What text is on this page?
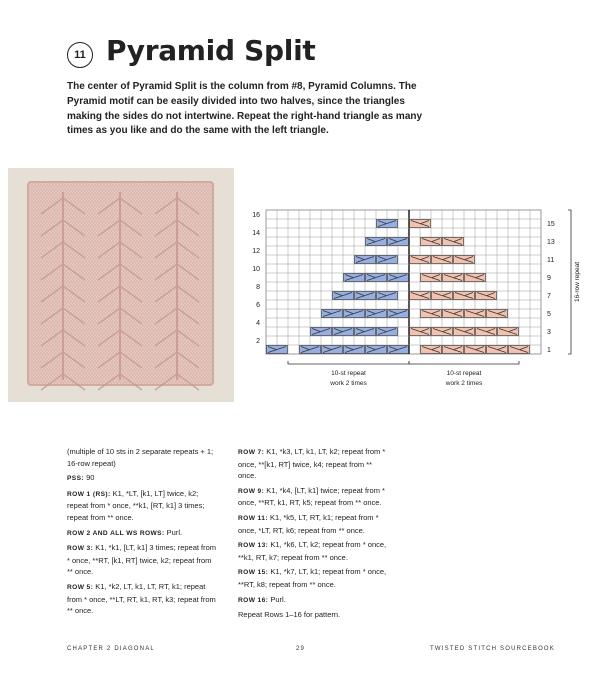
11 Pyramid Split

The center of Pyramid Split is the column from #8, Pyramid Columns. The Pyramid motif can be easily divided into two halves, since the triangles making the sides do not intertwine. Repeat the right-hand triangle as many times as you like and do the same with the left triangle.

16
14
12
10
8
6
4
2
15
13
11
9
7
5
3
1
16-row repeat
10-st repeat
work 2 times
10-st repeat
work 2 times

(multiple of 10 sts in 2 separate repeats + 1; 16-row repeat)

PSS: 90

ROW 1 (RS): K1, *LT, [k1, LT] twice, k2; repeat from * once, **k1, [RT, k1] 3 times; repeat from ** once.

ROW 2 AND ALL WS ROWS: Purl.

ROW 3: K1, *k1, [LT, k1] 3 times; repeat from * once, **RT, [k1, RT] twice, k2; repeat from ** once.

ROW 5: K1, *k2, LT, k1, LT, RT, k1; repeat from * once, **LT, RT, k1, RT, k3; repeat from ** once.

ROW 7: K1, *k3, LT, k1, LT, k2; repeat from * once, **[k1, RT] twice, k4; repeat from ** once.

ROW 9: K1, *k4, [LT, k1] twice; repeat from * once, **RT, k1, RT, k5; repeat from ** once.

ROW 11: K1, *k5, LT, RT, k1; repeat from * once, *LT, RT, k6; repeat from ** once.

ROW 13: K1, *k6, LT, k2; repeat from * once, **k1, RT, k7; repeat from ** once.

ROW 15: K1, *k7, LT, k1; repeat from * once, **RT, k8; repeat from ** once.

ROW 16: Purl.

Repeat Rows 1–16 for pattern.

CHAPTER 2 DIAGONAL	29	TWISTED STITCH SOURCEBOOK
